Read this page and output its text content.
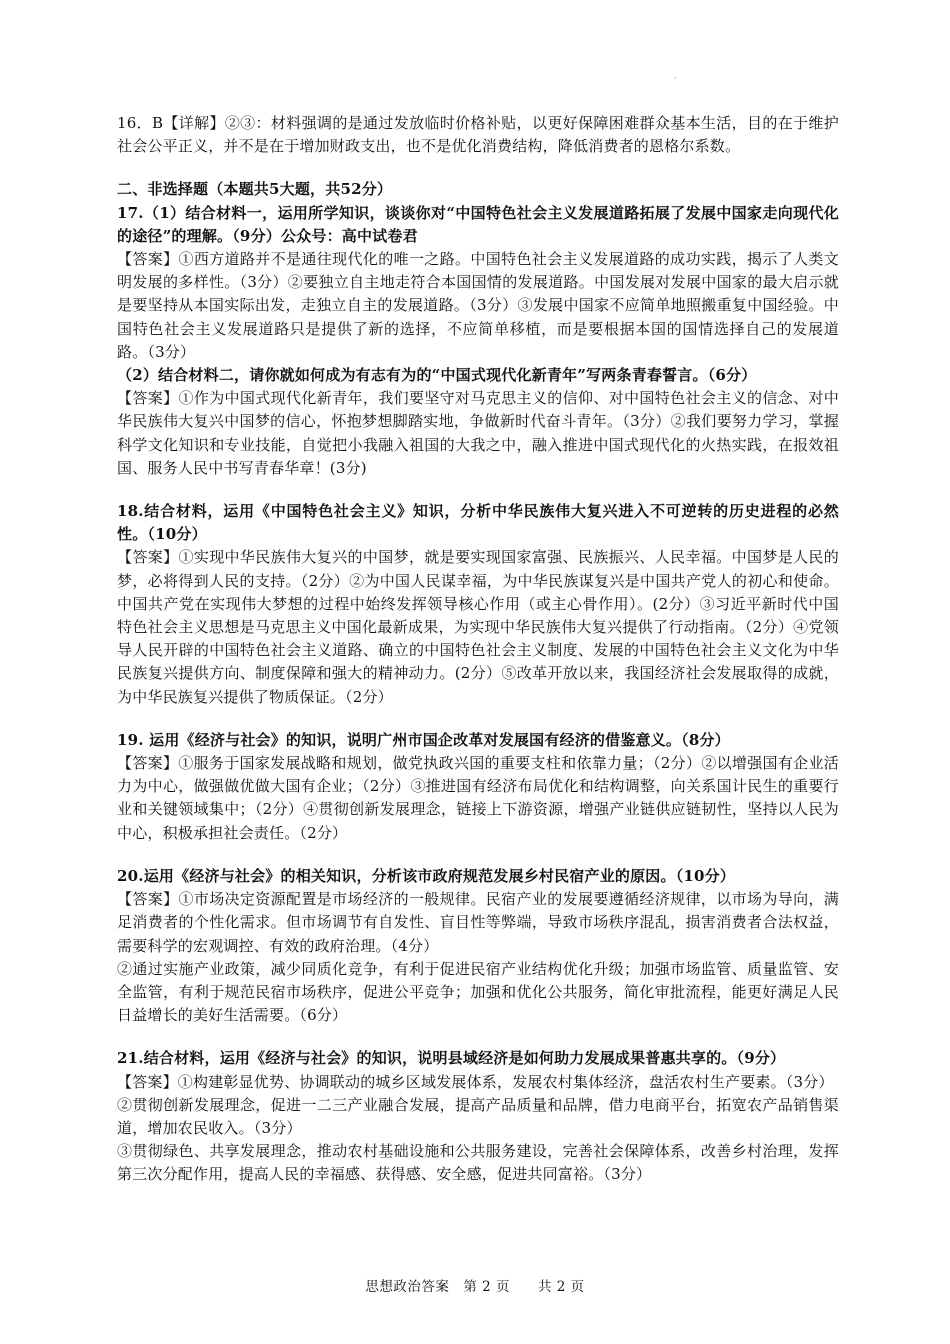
·

16．B【详解】②③：材料强调的是通过发放临时价格补贴，以更好保障困难群众基本生活，目的在于维护社会公平正义，并不是在于增加财政支出，也不是优化消费结构，降低消费者的恩格尔系数。

二、非选择题（本题共5大题，共52分）

17.（1）结合材料一，运用所学知识，谈谈你对“中国特色社会主义发展道路拓展了发展中国家走向现代化的途径”的理解。（9分）公众号：高中试卷君

【答案】①西方道路并不是通往现代化的唯一之路。中国特色社会主义发展道路的成功实践，揭示了人类文明发展的多样性。（3分）②要独立自主地走符合本国国情的发展道路。中国发展对发展中国家的最大启示就是要坚持从本国实际出发，走独立自主的发展道路。（3分）③发展中国家不应简单地照搬重复中国经验。中国特色社会主义发展道路只是提供了新的选择，不应简单移植，而是要根据本国的国情选择自己的发展道路。（3分）

（2）结合材料二，请你就如何成为有志有为的“中国式现代化新青年”写两条青春誓言。（6分）

【答案】①作为中国式现代化新青年，我们要坚守对马克思主义的信仰、对中国特色社会主义的信念、对中华民族伟大复兴中国梦的信心，怀抱梦想脚踏实地，争做新时代奋斗青年。（3分）②我们要努力学习，掌握科学文化知识和专业技能，自觉把小我融入祖国的大我之中，融入推进中国式现代化的火热实践，在报效祖国、服务人民中书写青春华章！(3分)

18.结合材料，运用《中国特色社会主义》知识，分析中华民族伟大复兴进入不可逆转的历史进程的必然性。（10分）

【答案】①实现中华民族伟大复兴的中国梦，就是要实现国家富强、民族振兴、人民幸福。中国梦是人民的梦，必将得到人民的支持。（2分）②为中国人民谋幸福，为中华民族谋复兴是中国共产党人的初心和使命。中国共产党在实现伟大梦想的过程中始终发挥领导核心作用（或主心骨作用）。(2分）③习近平新时代中国特色社会主义思想是马克思主义中国化最新成果，为实现中华民族伟大复兴提供了行动指南。（2分）④党领导人民开辟的中国特色社会主义道路、确立的中国特色社会主义制度、发展的中国特色社会主义文化为中华民族复兴提供方向、制度保障和强大的精神动力。(2分）⑤改革开放以来，我国经济社会发展取得的成就，为中华民族复兴提供了物质保证。（2分）

19. 运用《经济与社会》的知识，说明广州市国企改革对发展国有经济的借鉴意义。（8分）

【答案】①服务于国家发展战略和规划，做党执政兴国的重要支柱和依靠力量；（2分）②以增强国有企业活力为中心，做强做优做大国有企业；（2分）③推进国有经济布局优化和结构调整，向关系国计民生的重要行业和关键领域集中；（2分）④贯彻创新发展理念，链接上下游资源，增强产业链供应链韧性，坚持以人民为中心，积极承担社会责任。（2分）

20.运用《经济与社会》的相关知识，分析该市政府规范发展乡村民宿产业的原因。（10分）

【答案】①市场决定资源配置是市场经济的一般规律。民宿产业的发展要遵循经济规律，以市场为导向，满足消费者的个性化需求。但市场调节有自发性、盲目性等弊端，导致市场秩序混乱，损害消费者合法权益，需要科学的宏观调控、有效的政府治理。（4分）

②通过实施产业政策，减少同质化竞争，有利于促进民宿产业结构优化升级；加强市场监管、质量监管、安全监管，有利于规范民宿市场秩序，促进公平竞争；加强和优化公共服务，简化审批流程，能更好满足人民日益增长的美好生活需要。（6分）

21.结合材料，运用《经济与社会》的知识，说明县域经济是如何助力发展成果普惠共享的。（9分）

【答案】①构建彰显优势、协调联动的城乡区域发展体系，发展农村集体经济，盘活农村生产要素。（3分）

②贯彻创新发展理念，促进一二三产业融合发展，提高产品质量和品牌，借力电商平台，拓宽农产品销售渠道，增加农民收入。（3分）

③贯彻绿色、共享发展理念，推动农村基础设施和公共服务建设，完善社会保障体系，改善乡村治理，发挥第三次分配作用，提高人民的幸福感、获得感、安全感，促进共同富裕。（3分）

思想政治答案　第 2 页　　共 2 页
